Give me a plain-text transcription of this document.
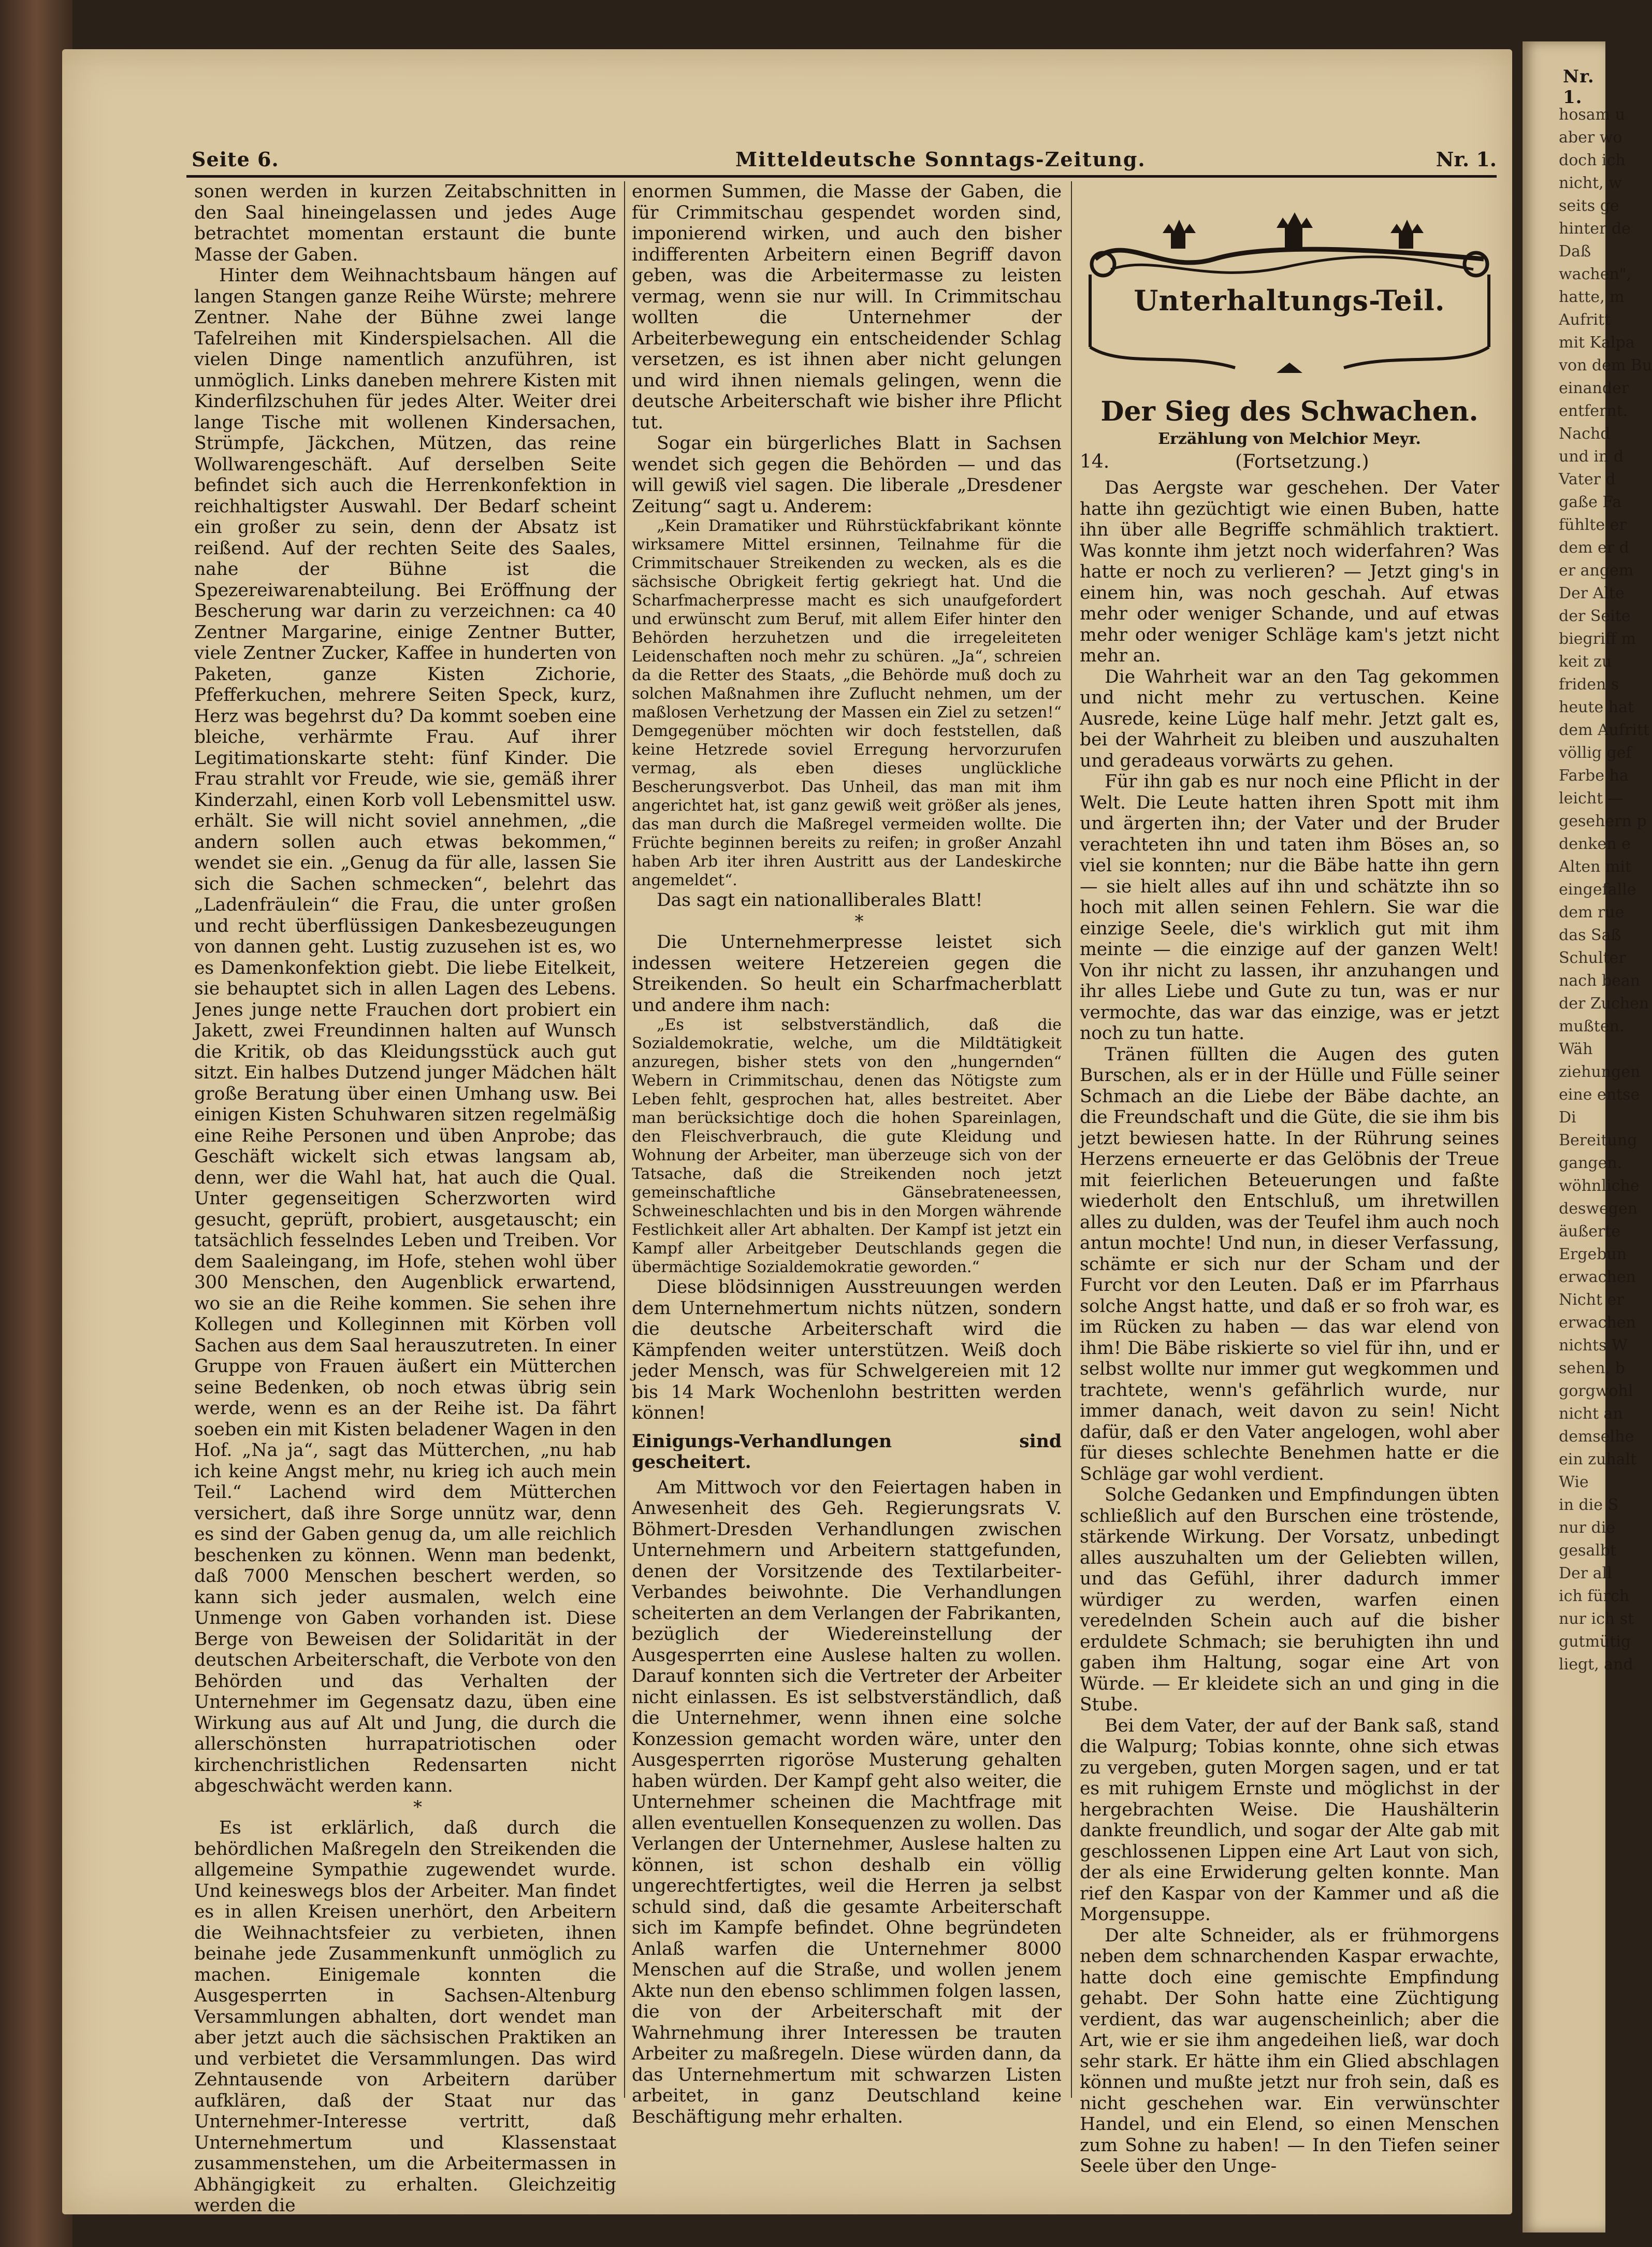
Nr. 1.
hosam u
aber wo
doch ich
nicht, w
seits ge
hinter de
Daß
wachen",
hatte, m
Aufritt
mit Kalpa
von dem Bu
einander
entfernt.
Nachd
und in d
Vater d
gaße Fa
fühlte er
dem er d
er angem
Der Alte
der Seite
biegriff m
keit zu
friden s
heute hat
dem Aufritt
völlig gef
Farbe ha
leicht —
gesehern p
denken e
Alten mit
eingefalle
dem rue
das Saß
Schulter
nach bean
der Zuchen
mußten.
Wäh
ziehungen
eine entse
Di
Bereitung
gangen.
wöhnliche
deswegen
äußerte
Ergebun
erwachen
Nicht er
erwachen
nichts W
sehen, b
gorgwohl
nicht an
demselhe
ein zuhalt
Wie
in die S
nur die
gesalbt
Der all
ich fürch
nur ich st
gutmütig
liegt, and
Seite 6.	Mitteldeutsche Sonntags-Zeitung.	Nr. 1.

sonen werden in kurzen Zeitabschnitten in den Saal hineingelassen und jedes Auge betrachtet momentan erstaunt die bunte Masse der Gaben.

Hinter dem Weihnachtsbaum hängen auf langen Stangen ganze Reihe Würste; mehrere Zentner. Nahe der Bühne zwei lange Tafelreihen mit Kinderspielsachen. All die vielen Dinge namentlich anzuführen, ist unmöglich. Links daneben mehrere Kisten mit Kinderfilzschuhen für jedes Alter. Weiter drei lange Tische mit wollenen Kindersachen, Strümpfe, Jäckchen, Mützen, das reine Wollwarengeschäft. Auf derselben Seite befindet sich auch die Herrenkonfektion in reichhaltigster Auswahl. Der Bedarf scheint ein großer zu sein, denn der Absatz ist reißend. Auf der rechten Seite des Saales, nahe der Bühne ist die Spezereiwarenabteilung. Bei Eröffnung der Bescherung war darin zu verzeichnen: ca 40 Zentner Margarine, einige Zentner Butter, viele Zentner Zucker, Kaffee in hunderten von Paketen, ganze Kisten Zichorie, Pfefferkuchen, mehrere Seiten Speck, kurz, Herz was begehrst du? Da kommt soeben eine bleiche, verhärmte Frau. Auf ihrer Legitimationskarte steht: fünf Kinder. Die Frau strahlt vor Freude, wie sie, gemäß ihrer Kinderzahl, einen Korb voll Lebensmittel usw. erhält. Sie will nicht soviel annehmen, „die andern sollen auch etwas bekommen,“ wendet sie ein. „Genug da für alle, lassen Sie sich die Sachen schmecken“, belehrt das „Ladenfräulein“ die Frau, die unter großen und recht überflüssigen Dankesbezeugungen von dannen geht. Lustig zuzusehen ist es, wo es Damenkonfektion giebt. Die liebe Eitelkeit, sie behauptet sich in allen Lagen des Lebens. Jenes junge nette Frauchen dort probiert ein Jakett, zwei Freundinnen halten auf Wunsch die Kritik, ob das Kleidungsstück auch gut sitzt. Ein halbes Dutzend junger Mädchen hält große Beratung über einen Umhang usw. Bei einigen Kisten Schuhwaren sitzen regelmäßig eine Reihe Personen und üben Anprobe; das Geschäft wickelt sich etwas langsam ab, denn, wer die Wahl hat, hat auch die Qual. Unter gegenseitigen Scherzworten wird gesucht, geprüft, probiert, ausgetauscht; ein tatsächlich fesselndes Leben und Treiben. Vor dem Saaleingang, im Hofe, stehen wohl über 300 Menschen, den Augenblick erwartend, wo sie an die Reihe kommen. Sie sehen ihre Kollegen und Kolleginnen mit Körben voll Sachen aus dem Saal herauszutreten. In einer Gruppe von Frauen äußert ein Mütterchen seine Bedenken, ob noch etwas übrig sein werde, wenn es an der Reihe ist. Da fährt soeben ein mit Kisten beladener Wagen in den Hof. „Na ja“, sagt das Mütterchen, „nu hab ich keine Angst mehr, nu krieg ich auch mein Teil.“ Lachend wird dem Mütterchen versichert, daß ihre Sorge unnütz war, denn es sind der Gaben genug da, um alle reichlich beschenken zu können. Wenn man bedenkt, daß 7000 Menschen beschert werden, so kann sich jeder ausmalen, welch eine Unmenge von Gaben vorhanden ist. Diese Berge von Beweisen der Solidarität in der deutschen Arbeiterschaft, die Verbote von den Behörden und das Verhalten der Unternehmer im Gegensatz dazu, üben eine Wirkung aus auf Alt und Jung, die durch die allerschönsten hurrapatriotischen oder kirchenchristlichen Redensarten nicht abgeschwächt werden kann.

*

Es ist erklärlich, daß durch die behördlichen Maßregeln den Streikenden die allgemeine Sympathie zugewendet wurde. Und keineswegs blos der Arbeiter. Man findet es in allen Kreisen unerhört, den Arbeitern die Weihnachtsfeier zu verbieten, ihnen beinahe jede Zusammenkunft unmöglich zu machen. Einigemale konnten die Ausgesperrten in Sachsen-Altenburg Versammlungen abhalten, dort wendet man aber jetzt auch die sächsischen Praktiken an und verbietet die Versammlungen. Das wird Zehntausende von Arbeitern darüber aufklären, daß der Staat nur das Unternehmer-Interesse vertritt, daß Unternehmertum und Klassenstaat zusammenstehen, um die Arbeitermassen in Abhängigkeit zu erhalten. Gleichzeitig werden die

enormen Summen, die Masse der Gaben, die für Crimmitschau gespendet worden sind, imponierend wirken, und auch den bisher indifferenten Arbeitern einen Begriff davon geben, was die Arbeitermasse zu leisten vermag, wenn sie nur will. In Crimmitschau wollten die Unternehmer der Arbeiterbewegung ein entscheidender Schlag versetzen, es ist ihnen aber nicht gelungen und wird ihnen niemals gelingen, wenn die deutsche Arbeiterschaft wie bisher ihre Pflicht tut.

Sogar ein bürgerliches Blatt in Sachsen wendet sich gegen die Behörden — und das will gewiß viel sagen. Die liberale „Dresdener Zeitung“ sagt u. Anderem:

„Kein Dramatiker und Rührstückfabrikant könnte wirksamere Mittel ersinnen, Teilnahme für die Crimmitschauer Streikenden zu wecken, als es die sächsische Obrigkeit fertig gekriegt hat. Und die Scharfmacherpresse macht es sich unaufgefordert und erwünscht zum Beruf, mit allem Eifer hinter den Behörden herzuhetzen und die irregeleiteten Leidenschaften noch mehr zu schüren. „Ja“, schreien da die Retter des Staats, „die Behörde muß doch zu solchen Maßnahmen ihre Zuflucht nehmen, um der maßlosen Verhetzung der Massen ein Ziel zu setzen!“ Demgegenüber möchten wir doch feststellen, daß keine Hetzrede soviel Erregung hervorzurufen vermag, als eben dieses unglückliche Bescherungsverbot. Das Unheil, das man mit ihm angerichtet hat, ist ganz gewiß weit größer als jenes, das man durch die Maßregel vermeiden wollte. Die Früchte beginnen bereits zu reifen; in großer Anzahl haben Arb iter ihren Austritt aus der Landeskirche angemeldet“.

Das sagt ein nationalliberales Blatt!

*

Die Unternehmerpresse leistet sich indessen weitere Hetzereien gegen die Streikenden. So heult ein Scharfmacherblatt und andere ihm nach:

„Es ist selbstverständlich, daß die Sozialdemokratie, welche, um die Mildtätigkeit anzuregen, bisher stets von den „hungernden“ Webern in Crimmitschau, denen das Nötigste zum Leben fehlt, gesprochen hat, alles bestreitet. Aber man berücksichtige doch die hohen Spareinlagen, den Fleischverbrauch, die gute Kleidung und Wohnung der Arbeiter, man überzeuge sich von der Tatsache, daß die Streikenden noch jetzt gemeinschaftliche Gänsebrateneessen, Schweineschlachten und bis in den Morgen währende Festlichkeit aller Art abhalten. Der Kampf ist jetzt ein Kampf aller Arbeitgeber Deutschlands gegen die übermächtige Sozialdemokratie geworden.“

Diese blödsinnigen Ausstreuungen werden dem Unternehmertum nichts nützen, sondern die deutsche Arbeiterschaft wird die Kämpfenden weiter unterstützen. Weiß doch jeder Mensch, was für Schwelgereien mit 12 bis 14 Mark Wochenlohn bestritten werden können!

Einigungs-Verhandlungen sind gescheitert.

Am Mittwoch vor den Feiertagen haben in Anwesenheit des Geh. Regierungsrats V. Böhmert-Dresden Verhandlungen zwischen Unternehmern und Arbeitern stattgefunden, denen der Vorsitzende des Textilarbeiter-Verbandes beiwohnte. Die Verhandlungen scheiterten an dem Verlangen der Fabrikanten, bezüglich der Wiedereinstellung der Ausgesperrten eine Auslese halten zu wollen. Darauf konnten sich die Vertreter der Arbeiter nicht einlassen. Es ist selbstverständlich, daß die Unternehmer, wenn ihnen eine solche Konzession gemacht worden wäre, unter den Ausgesperrten rigoröse Musterung gehalten haben würden. Der Kampf geht also weiter, die Unternehmer scheinen die Machtfrage mit allen eventuellen Konsequenzen zu wollen. Das Verlangen der Unternehmer, Auslese halten zu können, ist schon deshalb ein völlig ungerechtfertigtes, weil die Herren ja selbst schuld sind, daß die gesamte Arbeiterschaft sich im Kampfe befindet. Ohne begründeten Anlaß warfen die Unternehmer 8000 Menschen auf die Straße, und wollen jenem Akte nun den ebenso schlimmen folgen lassen, die von der Arbeiterschaft mit der Wahrnehmung ihrer Interessen be trauten Arbeiter zu maßregeln. Diese würden dann, da das Unternehmertum mit schwarzen Listen arbeitet, in ganz Deutschland keine Beschäftigung mehr erhalten.

Unterhaltungs-Teil.
Der Sieg des Schwachen.
Erzählung von Melchior Meyr.
14.	(Fortsetzung.)

Das Aergste war geschehen. Der Vater hatte ihn gezüchtigt wie einen Buben, hatte ihn über alle Begriffe schmählich traktiert. Was konnte ihm jetzt noch widerfahren? Was hatte er noch zu verlieren? — Jetzt ging's in einem hin, was noch geschah. Auf etwas mehr oder weniger Schande, und auf etwas mehr oder weniger Schläge kam's jetzt nicht mehr an.

Die Wahrheit war an den Tag gekommen und nicht mehr zu vertuschen. Keine Ausrede, keine Lüge half mehr. Jetzt galt es, bei der Wahrheit zu bleiben und auszuhalten und geradeaus vorwärts zu gehen.

Für ihn gab es nur noch eine Pflicht in der Welt. Die Leute hatten ihren Spott mit ihm und ärgerten ihn; der Vater und der Bruder verachteten ihn und taten ihm Böses an, so viel sie konnten; nur die Bäbe hatte ihn gern — sie hielt alles auf ihn und schätzte ihn so hoch mit allen seinen Fehlern. Sie war die einzige Seele, die's wirklich gut mit ihm meinte — die einzige auf der ganzen Welt! Von ihr nicht zu lassen, ihr anzuhangen und ihr alles Liebe und Gute zu tun, was er nur vermochte, das war das einzige, was er jetzt noch zu tun hatte.

Tränen füllten die Augen des guten Burschen, als er in der Hülle und Fülle seiner Schmach an die Liebe der Bäbe dachte, an die Freundschaft und die Güte, die sie ihm bis jetzt bewiesen hatte. In der Rührung seines Herzens erneuerte er das Gelöbnis der Treue mit feierlichen Beteuerungen und faßte wiederholt den Entschluß, um ihretwillen alles zu dulden, was der Teufel ihm auch noch antun mochte! Und nun, in dieser Verfassung, schämte er sich nur der Scham und der Furcht vor den Leuten. Daß er im Pfarrhaus solche Angst hatte, und daß er so froh war, es im Rücken zu haben — das war elend von ihm! Die Bäbe riskierte so viel für ihn, und er selbst wollte nur immer gut wegkommen und trachtete, wenn's gefährlich wurde, nur immer danach, weit davon zu sein! Nicht dafür, daß er den Vater angelogen, wohl aber für dieses schlechte Benehmen hatte er die Schläge gar wohl verdient.

Solche Gedanken und Empfindungen übten schließlich auf den Burschen eine tröstende, stärkende Wirkung. Der Vorsatz, unbedingt alles auszuhalten um der Geliebten willen, und das Gefühl, ihrer dadurch immer würdiger zu werden, warfen einen veredelnden Schein auch auf die bisher erduldete Schmach; sie beruhigten ihn und gaben ihm Haltung, sogar eine Art von Würde. — Er kleidete sich an und ging in die Stube.

Bei dem Vater, der auf der Bank saß, stand die Walpurg; Tobias konnte, ohne sich etwas zu vergeben, guten Morgen sagen, und er tat es mit ruhigem Ernste und möglichst in der hergebrachten Weise. Die Haushälterin dankte freundlich, und sogar der Alte gab mit geschlossenen Lippen eine Art Laut von sich, der als eine Erwiderung gelten konnte. Man rief den Kaspar von der Kammer und aß die Morgensuppe.

Der alte Schneider, als er frühmorgens neben dem schnarchenden Kaspar erwachte, hatte doch eine gemischte Empfindung gehabt. Der Sohn hatte eine Züchtigung verdient, das war augenscheinlich; aber die Art, wie er sie ihm angedeihen ließ, war doch sehr stark. Er hätte ihm ein Glied abschlagen können und mußte jetzt nur froh sein, daß es nicht geschehen war. Ein verwünschter Handel, und ein Elend, so einen Menschen zum Sohne zu haben! — In den Tiefen seiner Seele über den Unge-
